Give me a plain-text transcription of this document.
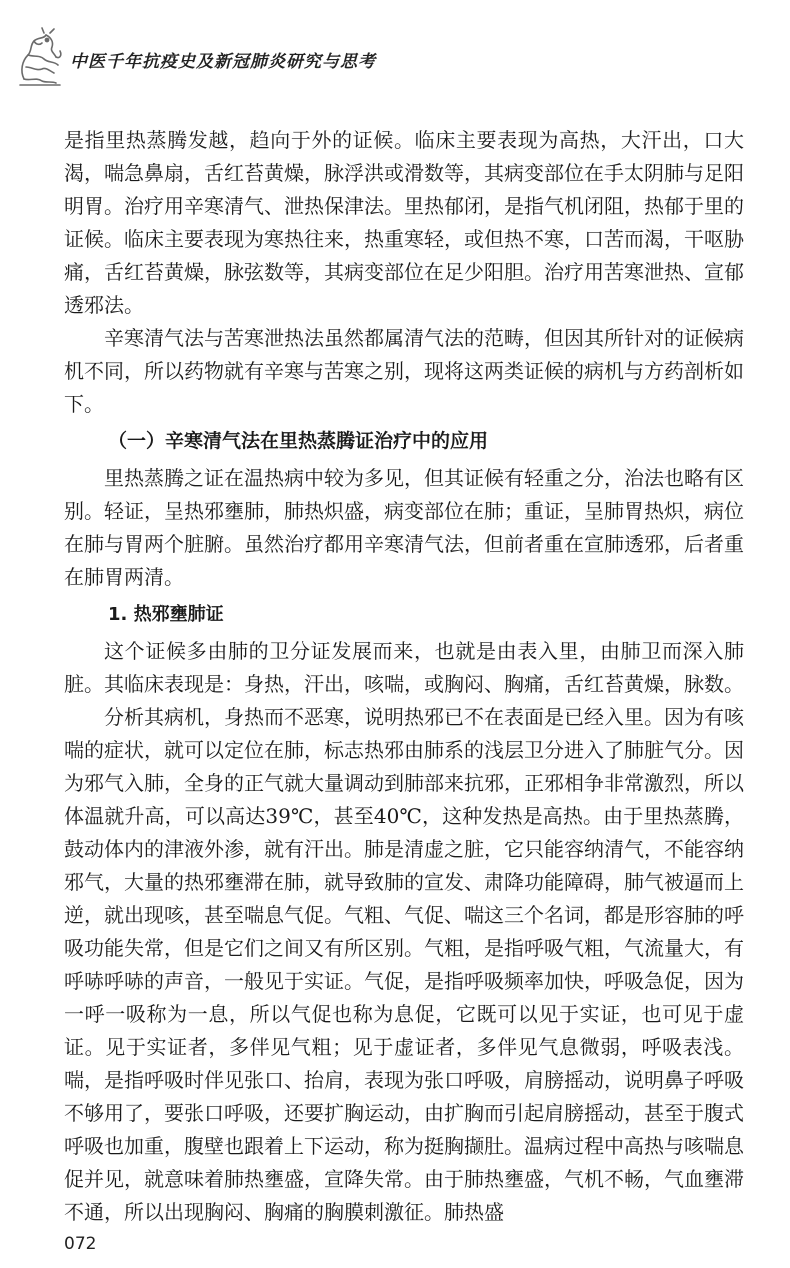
中医千年抗疫史及新冠肺炎研究与思考

是指里热蒸腾发越，趋向于外的证候。临床主要表现为高热，大汗出，口大渴，喘急鼻扇，舌红苔黄燥，脉浮洪或滑数等，其病变部位在手太阴肺与足阳明胃。治疗用辛寒清气、泄热保津法。里热郁闭，是指气机闭阻，热郁于里的证候。临床主要表现为寒热往来，热重寒轻，或但热不寒，口苦而渴，干呕胁痛，舌红苔黄燥，脉弦数等，其病变部位在足少阳胆。治疗用苦寒泄热、宣郁透邪法。

辛寒清气法与苦寒泄热法虽然都属清气法的范畴，但因其所针对的证候病机不同，所以药物就有辛寒与苦寒之别，现将这两类证候的病机与方药剖析如下。

（一）辛寒清气法在里热蒸腾证治疗中的应用

里热蒸腾之证在温热病中较为多见，但其证候有轻重之分，治法也略有区别。轻证，呈热邪壅肺，肺热炽盛，病变部位在肺；重证，呈肺胃热炽，病位在肺与胃两个脏腑。虽然治疗都用辛寒清气法，但前者重在宣肺透邪，后者重在肺胃两清。

1. 热邪壅肺证

这个证候多由肺的卫分证发展而来，也就是由表入里，由肺卫而深入肺脏。其临床表现是：身热，汗出，咳喘，或胸闷、胸痛，舌红苔黄燥，脉数。

分析其病机，身热而不恶寒，说明热邪已不在表面是已经入里。因为有咳喘的症状，就可以定位在肺，标志热邪由肺系的浅层卫分进入了肺脏气分。因为邪气入肺，全身的正气就大量调动到肺部来抗邪，正邪相争非常激烈，所以体温就升高，可以高达39℃，甚至40℃，这种发热是高热。由于里热蒸腾，鼓动体内的津液外渗，就有汗出。肺是清虚之脏，它只能容纳清气，不能容纳邪气，大量的热邪壅滞在肺，就导致肺的宣发、肃降功能障碍，肺气被逼而上逆，就出现咳，甚至喘息气促。气粗、气促、喘这三个名词，都是形容肺的呼吸功能失常，但是它们之间又有所区别。气粗，是指呼吸气粗，气流量大，有呼哧呼哧的声音，一般见于实证。气促，是指呼吸频率加快，呼吸急促，因为一呼一吸称为一息，所以气促也称为息促，它既可以见于实证，也可见于虚证。见于实证者，多伴见气粗；见于虚证者，多伴见气息微弱，呼吸表浅。喘，是指呼吸时伴见张口、抬肩，表现为张口呼吸，肩膀摇动，说明鼻子呼吸不够用了，要张口呼吸，还要扩胸运动，由扩胸而引起肩膀摇动，甚至于腹式呼吸也加重，腹壁也跟着上下运动，称为挺胸撷肚。温病过程中高热与咳喘息促并见，就意味着肺热壅盛，宣降失常。由于肺热壅盛，气机不畅，气血壅滞不通，所以出现胸闷、胸痛的胸膜刺激征。肺热盛

072
